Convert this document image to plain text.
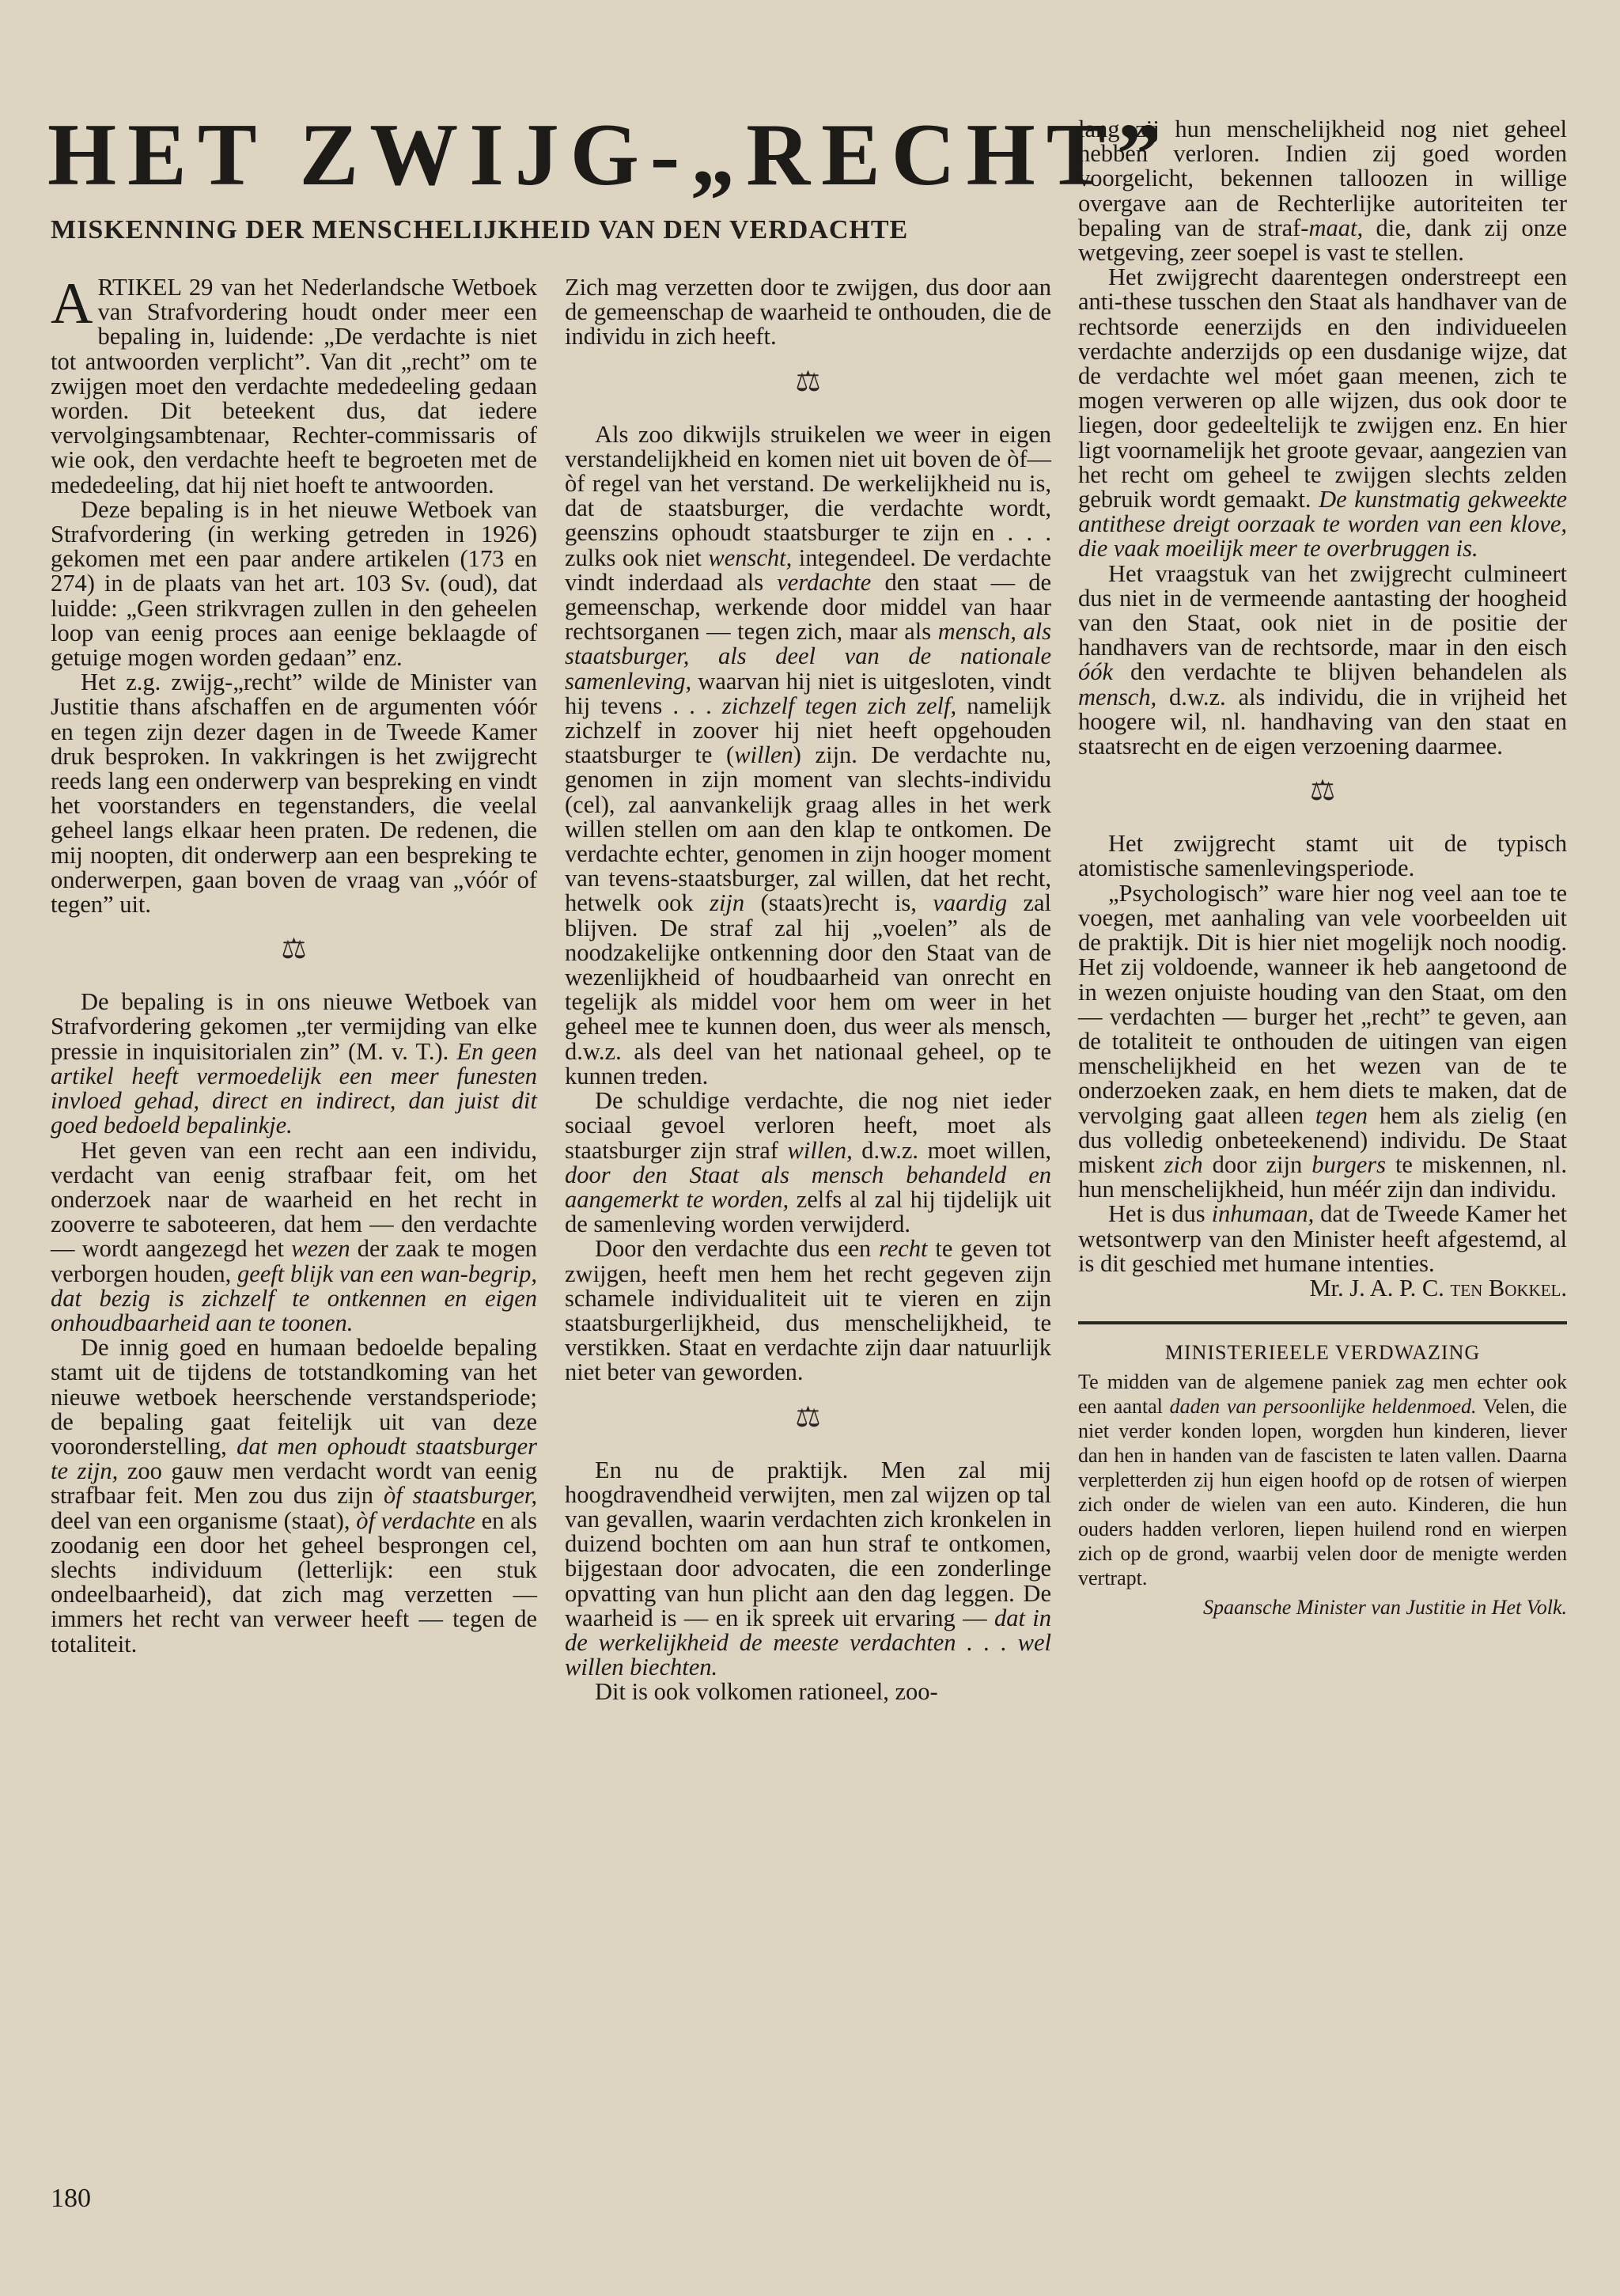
HET ZWIJG-„RECHT”
MISKENNING DER MENSCHELIJKHEID VAN DEN VERDACHTE

ARTIKEL 29 van het Nederlandsche Wetboek van Strafvordering houdt onder meer een bepaling in, luidende: „De verdachte is niet tot antwoorden verplicht”. Van dit „recht” om te zwijgen moet den verdachte mededeeling gedaan worden. Dit beteekent dus, dat iedere vervolgingsambtenaar, Rechter-commissaris of wie ook, den verdachte heeft te begroeten met de mededeeling, dat hij niet hoeft te antwoorden.

Deze bepaling is in het nieuwe Wetboek van Strafvordering (in werking getreden in 1926) gekomen met een paar andere artikelen (173 en 274) in de plaats van het art. 103 Sv. (oud), dat luidde: „Geen strikvragen zullen in den geheelen loop van eenig proces aan eenige beklaagde of getuige mogen worden gedaan” enz.

Het z.g. zwijg-„recht” wilde de Minister van Justitie thans afschaffen en de argumenten vóór en tegen zijn dezer dagen in de Tweede Kamer druk besproken. In vakkringen is het zwijgrecht reeds lang een onderwerp van bespreking en vindt het voorstanders en tegenstanders, die veelal geheel langs elkaar heen praten. De redenen, die mij noopten, dit onderwerp aan een bespreking te onderwerpen, gaan boven de vraag van „vóór of tegen” uit.

⚖

De bepaling is in ons nieuwe Wetboek van Strafvordering gekomen „ter vermijding van elke pressie in inquisitorialen zin” (M. v. T.). En geen artikel heeft vermoedelijk een meer funesten invloed gehad, direct en indirect, dan juist dit goed bedoeld bepalinkje.

Het geven van een recht aan een individu, verdacht van eenig strafbaar feit, om het onderzoek naar de waarheid en het recht in zooverre te saboteeren, dat hem — den verdachte — wordt aangezegd het wezen der zaak te mogen verborgen houden, geeft blijk van een wan-begrip, dat bezig is zichzelf te ontkennen en eigen onhoudbaarheid aan te toonen.

De innig goed en humaan bedoelde bepaling stamt uit de tijdens de totstandkoming van het nieuwe wetboek heerschende verstandsperiode; de bepaling gaat feitelijk uit van deze vooronderstelling, dat men ophoudt staatsburger te zijn, zoo gauw men verdacht wordt van eenig strafbaar feit. Men zou dus zijn òf staatsburger, deel van een organisme (staat), òf verdachte en als zoodanig een door het geheel besprongen cel, slechts individuum (letterlijk: een stuk ondeelbaarheid), dat zich mag verzetten — immers het recht van verweer heeft — tegen de totaliteit.

Zich mag verzetten door te zwijgen, dus door aan de gemeenschap de waarheid te onthouden, die de individu in zich heeft.

⚖

Als zoo dikwijls struikelen we weer in eigen verstandelijkheid en komen niet uit boven de òf—òf regel van het verstand. De werkelijkheid nu is, dat de staatsburger, die verdachte wordt, geenszins ophoudt staatsburger te zijn en . . . zulks ook niet wenscht, integendeel. De verdachte vindt inderdaad als verdachte den staat — de gemeenschap, werkende door middel van haar rechtsorganen — tegen zich, maar als mensch, als staatsburger, als deel van de nationale samenleving, waarvan hij niet is uitgesloten, vindt hij tevens . . . zichzelf tegen zich zelf, namelijk zichzelf in zoover hij niet heeft opgehouden staatsburger te (willen) zijn. De verdachte nu, genomen in zijn moment van slechts-individu (cel), zal aanvankelijk graag alles in het werk willen stellen om aan den klap te ontkomen. De verdachte echter, genomen in zijn hooger moment van tevens-staatsburger, zal willen, dat het recht, hetwelk ook zijn (staats)recht is, vaardig zal blijven. De straf zal hij „voelen” als de noodzakelijke ontkenning door den Staat van de wezenlijkheid of houdbaarheid van onrecht en tegelijk als middel voor hem om weer in het geheel mee te kunnen doen, dus weer als mensch, d.w.z. als deel van het nationaal geheel, op te kunnen treden.

De schuldige verdachte, die nog niet ieder sociaal gevoel verloren heeft, moet als staatsburger zijn straf willen, d.w.z. moet willen, door den Staat als mensch behandeld en aangemerkt te worden, zelfs al zal hij tijdelijk uit de samenleving worden verwijderd.

Door den verdachte dus een recht te geven tot zwijgen, heeft men hem het recht gegeven zijn schamele individualiteit uit te vieren en zijn staatsburgerlijkheid, dus menschelijkheid, te verstikken. Staat en verdachte zijn daar natuurlijk niet beter van geworden.

⚖

En nu de praktijk. Men zal mij hoogdravendheid verwijten, men zal wijzen op tal van gevallen, waarin verdachten zich kronkelen in duizend bochten om aan hun straf te ontkomen, bijgestaan door advocaten, die een zonderlinge opvatting van hun plicht aan den dag leggen. De waarheid is — en ik spreek uit ervaring — dat in de werkelijkheid de meeste verdachten . . . wel willen biechten.

Dit is ook volkomen rationeel, zoo-

lang zij hun menschelijkheid nog niet geheel hebben verloren. Indien zij goed worden voorgelicht, bekennen talloozen in willige overgave aan de Rechterlijke autoriteiten ter bepaling van de straf-maat, die, dank zij onze wetgeving, zeer soepel is vast te stellen.

Het zwijgrecht daarentegen onderstreept een anti-these tusschen den Staat als handhaver van de rechtsorde eenerzijds en den individueelen verdachte anderzijds op een dusdanige wijze, dat de verdachte wel móet gaan meenen, zich te mogen verweren op alle wijzen, dus ook door te liegen, door gedeeltelijk te zwijgen enz. En hier ligt voornamelijk het groote gevaar, aangezien van het recht om geheel te zwijgen slechts zelden gebruik wordt gemaakt. De kunstmatig gekweekte antithese dreigt oorzaak te worden van een klove, die vaak moeilijk meer te overbruggen is.

Het vraagstuk van het zwijgrecht culmineert dus niet in de vermeende aantasting der hoogheid van den Staat, ook niet in de positie der handhavers van de rechtsorde, maar in den eisch óók den verdachte te blijven behandelen als mensch, d.w.z. als individu, die in vrijheid het hoogere wil, nl. handhaving van den staat en staatsrecht en de eigen verzoening daarmee.

⚖

Het zwijgrecht stamt uit de typisch atomistische samenlevingsperiode.

„Psychologisch” ware hier nog veel aan toe te voegen, met aanhaling van vele voorbeelden uit de praktijk. Dit is hier niet mogelijk noch noodig. Het zij voldoende, wanneer ik heb aangetoond de in wezen onjuiste houding van den Staat, om den — verdachten — burger het „recht” te geven, aan de totaliteit te onthouden de uitingen van eigen menschelijkheid en het wezen van de te onderzoeken zaak, en hem diets te maken, dat de vervolging gaat alleen tegen hem als zielig (en dus volledig onbeteekenend) individu. De Staat miskent zich door zijn burgers te miskennen, nl. hun menschelijkheid, hun méér zijn dan individu.

Het is dus inhumaan, dat de Tweede Kamer het wetsontwerp van den Minister heeft afgestemd, al is dit geschied met humane intenties.

Mr. J. A. P. C. ten Bokkel.

MINISTERIEELE VERDWAZING
Te midden van de algemene paniek zag men echter ook een aantal daden van persoonlijke heldenmoed. Velen, die niet verder konden lopen, worgden hun kinderen, liever dan hen in handen van de fascisten te laten vallen. Daarna verpletterden zij hun eigen hoofd op de rotsen of wierpen zich onder de wielen van een auto. Kinderen, die hun ouders hadden verloren, liepen huilend rond en wierpen zich op de grond, waarbij velen door de menigte werden vertrapt.
Spaansche Minister van Justitie in Het Volk.
180
